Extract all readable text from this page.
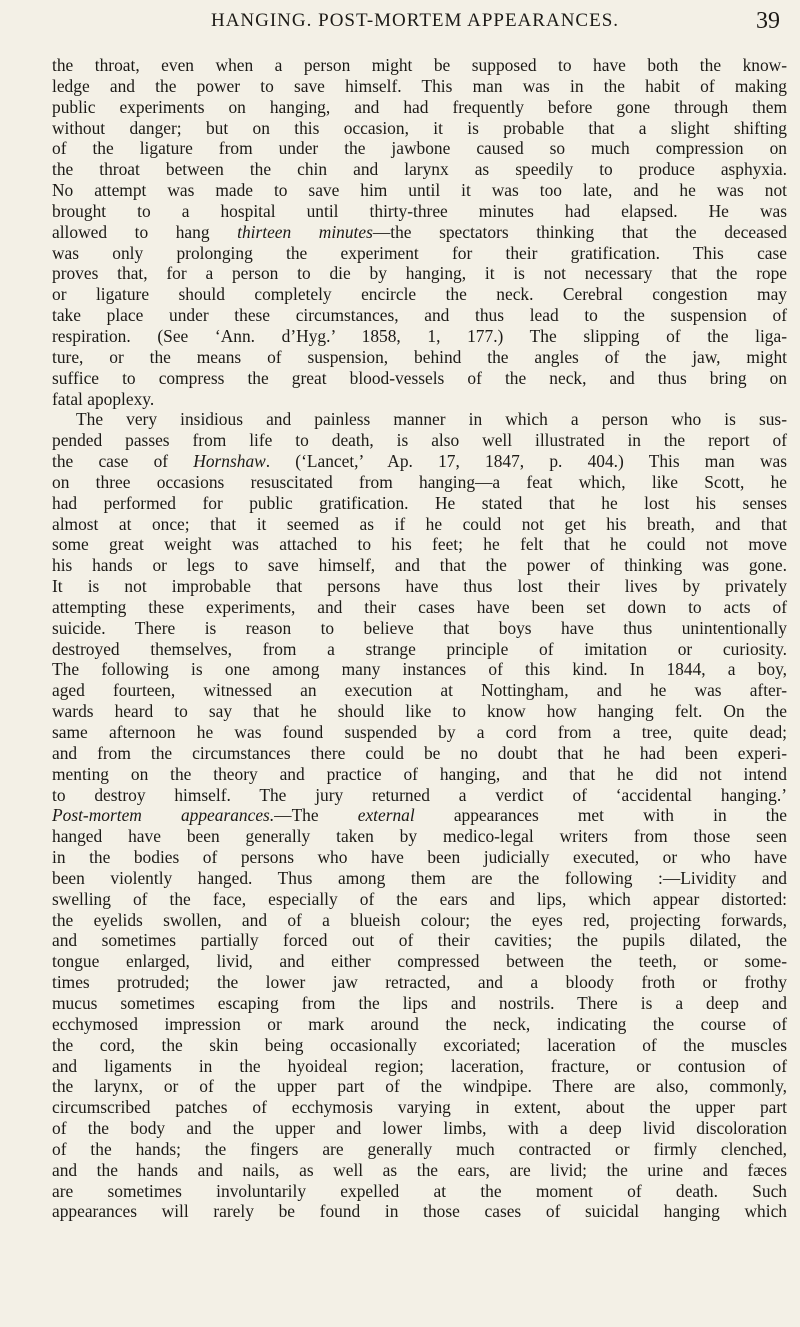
HANGING. POST-MORTEM APPEARANCES.	39
the throat, even when a person might be supposed to have both the know-
ledge and the power to save himself. This man was in the habit of making
public experiments on hanging, and had frequently before gone through them
without danger; but on this occasion, it is probable that a slight shifting
of the ligature from under the jawbone caused so much compression on
the throat between the chin and larynx as speedily to produce asphyxia.
No attempt was made to save him until it was too late, and he was not
brought to a hospital until thirty-three minutes had elapsed. He was
allowed to hang thirteen minutes—the spectators thinking that the deceased
was only prolonging the experiment for their gratification. This case
proves that, for a person to die by hanging, it is not necessary that the rope
or ligature should completely encircle the neck. Cerebral congestion may
take place under these circumstances, and thus lead to the suspension of
respiration. (See ‘Ann. d’Hyg.’ 1858, 1, 177.) The slipping of the liga-
ture, or the means of suspension, behind the angles of the jaw, might
suffice to compress the great blood-vessels of the neck, and thus bring on
fatal apoplexy.
The very insidious and painless manner in which a person who is sus-
pended passes from life to death, is also well illustrated in the report of
the case of Hornshaw. (‘Lancet,’ Ap. 17, 1847, p. 404.) This man was
on three occasions resuscitated from hanging—a feat which, like Scott, he
had performed for public gratification. He stated that he lost his senses
almost at once; that it seemed as if he could not get his breath, and that
some great weight was attached to his feet; he felt that he could not move
his hands or legs to save himself, and that the power of thinking was gone.
It is not improbable that persons have thus lost their lives by privately
attempting these experiments, and their cases have been set down to acts of
suicide. There is reason to believe that boys have thus unintentionally
destroyed themselves, from a strange principle of imitation or curiosity.
The following is one among many instances of this kind. In 1844, a boy,
aged fourteen, witnessed an execution at Nottingham, and he was after-
wards heard to say that he should like to know how hanging felt. On the
same afternoon he was found suspended by a cord from a tree, quite dead;
and from the circumstances there could be no doubt that he had been experi-
menting on the theory and practice of hanging, and that he did not intend
to destroy himself. The jury returned a verdict of ‘accidental hanging.’
Post-mortem appearances.—The external appearances met with in the
hanged have been generally taken by medico-legal writers from those seen
in the bodies of persons who have been judicially executed, or who have
been violently hanged. Thus among them are the following :—Lividity and
swelling of the face, especially of the ears and lips, which appear distorted:
the eyelids swollen, and of a blueish colour; the eyes red, projecting forwards,
and sometimes partially forced out of their cavities; the pupils dilated, the
tongue enlarged, livid, and either compressed between the teeth, or some-
times protruded; the lower jaw retracted, and a bloody froth or frothy
mucus sometimes escaping from the lips and nostrils. There is a deep and
ecchymosed impression or mark around the neck, indicating the course of
the cord, the skin being occasionally excoriated; laceration of the muscles
and ligaments in the hyoideal region; laceration, fracture, or contusion of
the larynx, or of the upper part of the windpipe. There are also, commonly,
circumscribed patches of ecchymosis varying in extent, about the upper part
of the body and the upper and lower limbs, with a deep livid discoloration
of the hands; the fingers are generally much contracted or firmly clenched,
and the hands and nails, as well as the ears, are livid; the urine and fæces
are sometimes involuntarily expelled at the moment of death. Such
appearances will rarely be found in those cases of suicidal hanging which
